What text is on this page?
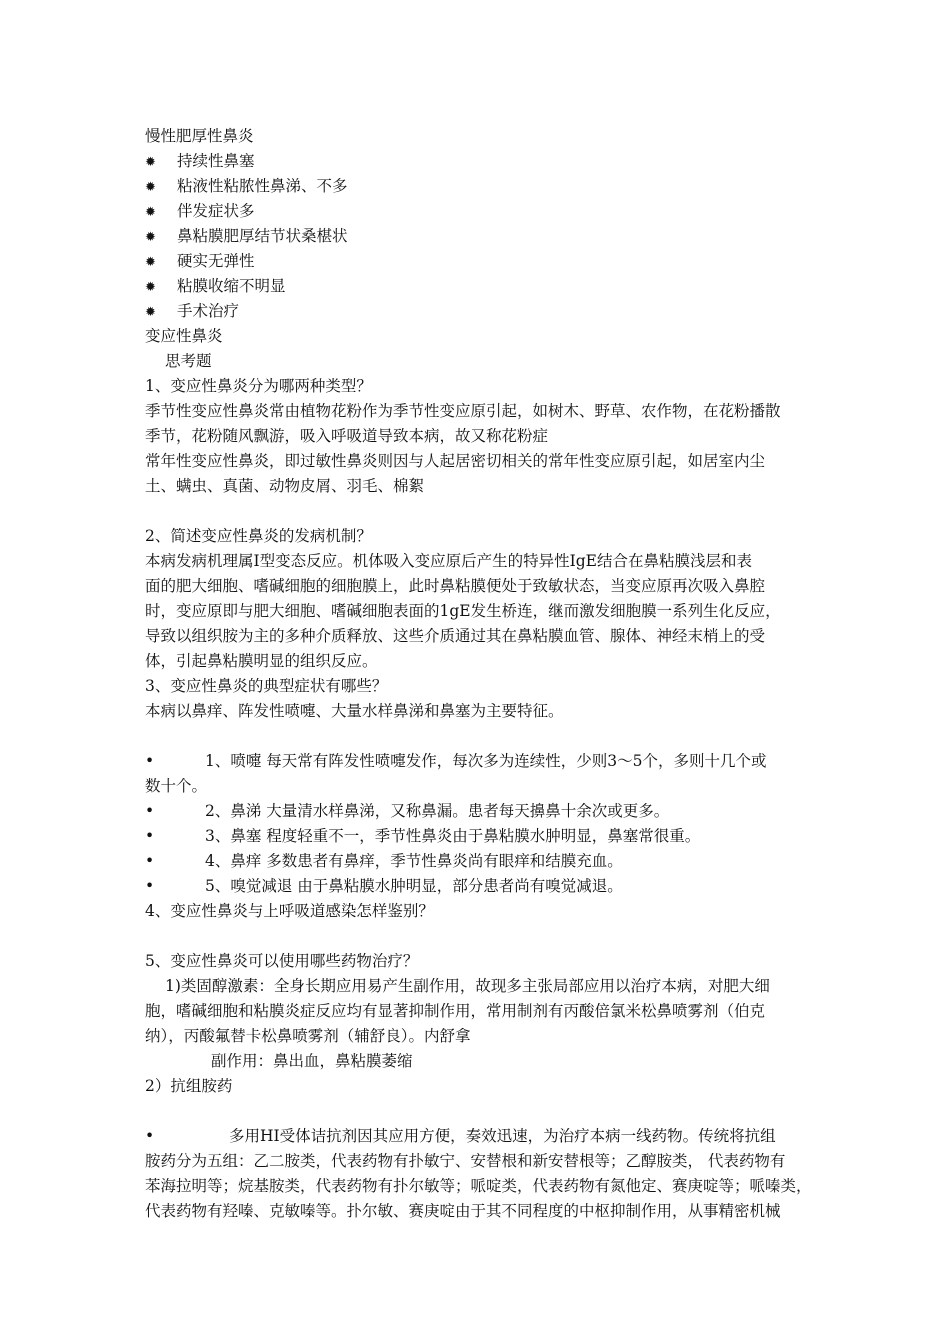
慢性肥厚性鼻炎
✹ 持续性鼻塞
✹ 粘液性粘脓性鼻涕、不多
✹ 伴发症状多
✹ 鼻粘膜肥厚结节状桑椹状
✹ 硬实无弹性
✹ 粘膜收缩不明显
✹ 手术治疗
变应性鼻炎
思考题
1、变应性鼻炎分为哪两种类型？
季节性变应性鼻炎常由植物花粉作为季节性变应原引起，如树木、野草、农作物，在花粉播散
季节，花粉随风飘游，吸入呼吸道导致本病，故又称花粉症
常年性变应性鼻炎，即过敏性鼻炎则因与人起居密切相关的常年性变应原引起，如居室内尘
土、螨虫、真菌、动物皮屑、羽毛、棉絮
2、简述变应性鼻炎的发病机制？
本病发病机理属Ⅰ型变态反应。机体吸入变应原后产生的特异性IgE结合在鼻粘膜浅层和表
面的肥大细胞、嗜碱细胞的细胞膜上，此时鼻粘膜便处于致敏状态，当变应原再次吸入鼻腔
时，变应原即与肥大细胞、嗜碱细胞表面的1gE发生桥连，继而激发细胞膜一系列生化反应，
导致以组织胺为主的多种介质释放、这些介质通过其在鼻粘膜血管、腺体、神经末梢上的受
体，引起鼻粘膜明显的组织反应。
3、变应性鼻炎的典型症状有哪些？
本病以鼻痒、阵发性喷嚏、大量水样鼻涕和鼻塞为主要特征。
•	1、喷嚏 每天常有阵发性喷嚏发作，每次多为连续性，少则3～5个，多则十几个或
数十个。
•	2、鼻涕 大量清水样鼻涕，又称鼻漏。患者每天擤鼻十余次或更多。
•	3、鼻塞 程度轻重不一，季节性鼻炎由于鼻粘膜水肿明显，鼻塞常很重。
•	4、鼻痒 多数患者有鼻痒，季节性鼻炎尚有眼痒和结膜充血。
•	5、嗅觉减退 由于鼻粘膜水肿明显，部分患者尚有嗅觉减退。
4、变应性鼻炎与上呼吸道感染怎样鉴别？
5、变应性鼻炎可以使用哪些药物治疗？
1)类固醇激素：全身长期应用易产生副作用，故现多主张局部应用以治疗本病，对肥大细
胞，嗜碱细胞和粘膜炎症反应均有显著抑制作用，常用制剂有丙酸倍氯米松鼻喷雾剂（伯克
纳），丙酸氟替卡松鼻喷雾剂（辅舒良）。内舒拿
副作用：鼻出血，鼻粘膜萎缩
2）抗组胺药
•	多用HI受体诘抗剂因其应用方便，奏效迅速，为治疗本病一线药物。传统将抗组
胺药分为五组：乙二胺类，代表药物有扑敏宁、安替根和新安替根等；乙醇胺类， 代表药物有
苯海拉明等；烷基胺类，代表药物有扑尔敏等；哌啶类，代表药物有氮他定、赛庚啶等；哌嗪类，
代表药物有羟嗪、克敏嗪等。扑尔敏、赛庚啶由于其不同程度的中枢抑制作用，从事精密机械
